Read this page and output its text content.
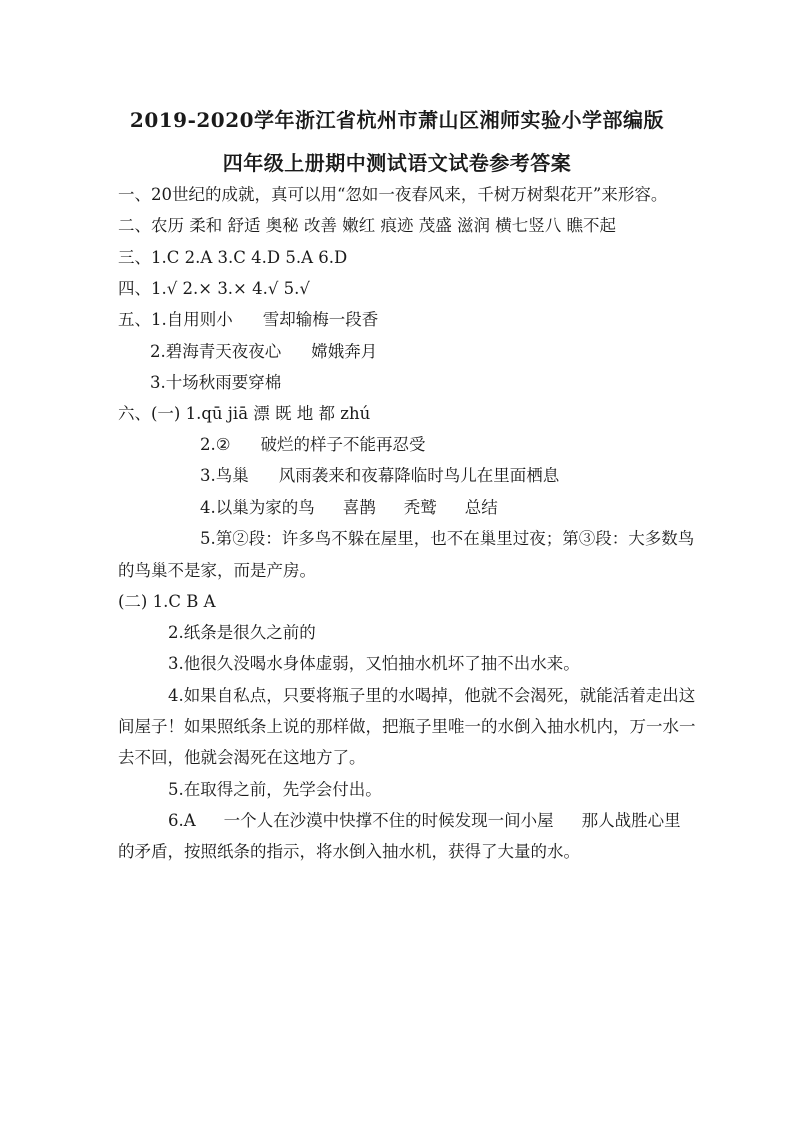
2019-2020学年浙江省杭州市萧山区湘师实验小学部编版
四年级上册期中测试语文试卷参考答案
一、20世纪的成就，真可以用“忽如一夜春风来，千树万树梨花开”来形容。
二、农历 柔和 舒适 奥秘 改善 嫩红 痕迹 茂盛 滋润 横七竖八 瞧不起
三、1.C 2.A 3.C 4.D 5.A 6.D
四、1.√ 2.× 3.× 4.√ 5.√
五、1.自用则小 雪却输梅一段香
2.碧海青天夜夜心 嫦娥奔月
3.十场秋雨要穿棉
六、(一) 1.qū jiā 漂 既 地 都 zhú
2.② 破烂的样子不能再忍受
3.鸟巢 风雨袭来和夜幕降临时鸟儿在里面栖息
4.以巢为家的鸟 喜鹊 秃鹫 总结
5.第②段：许多鸟不躲在屋里，也不在巢里过夜；第③段：大多数鸟
的鸟巢不是家，而是产房。
(二) 1.C B A
2.纸条是很久之前的
3.他很久没喝水身体虚弱，又怕抽水机坏了抽不出水来。
4.如果自私点，只要将瓶子里的水喝掉，他就不会渴死，就能活着走出这
间屋子！如果照纸条上说的那样做，把瓶子里唯一的水倒入抽水机内，万一水一
去不回，他就会渴死在这地方了。
5.在取得之前，先学会付出。
6.A 一个人在沙漠中快撑不住的时候发现一间小屋 那人战胜心里
的矛盾，按照纸条的指示，将水倒入抽水机，获得了大量的水。
